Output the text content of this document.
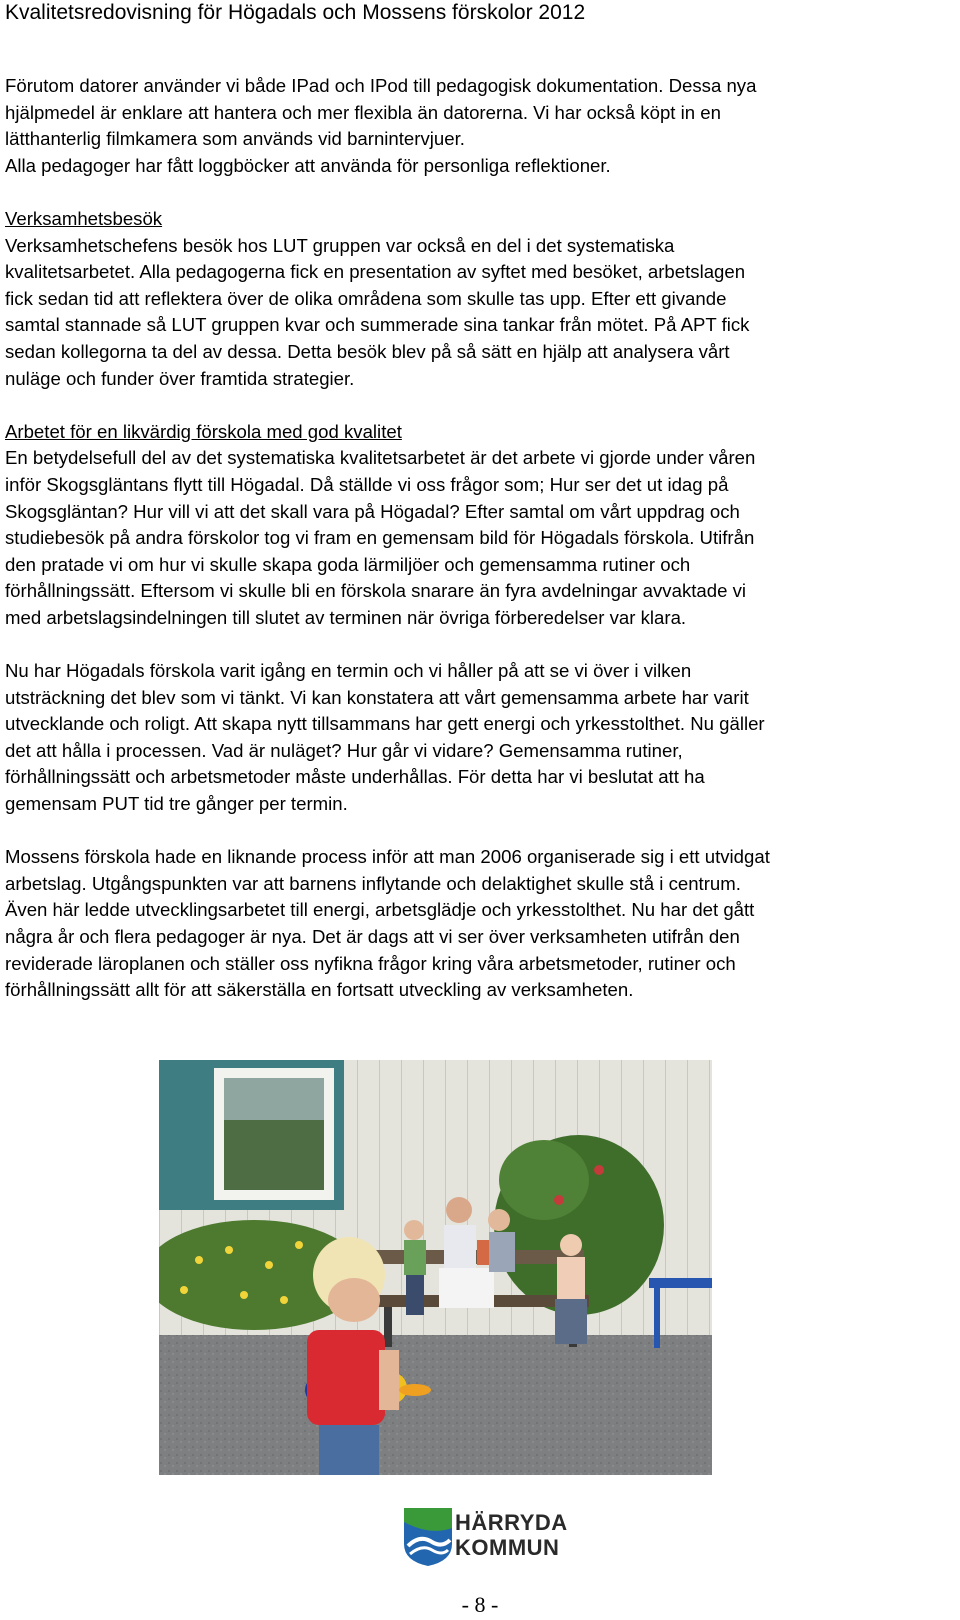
Kvalitetsredovisning för Högadals och Mossens förskolor 2012
Förutom datorer använder vi både IPad och IPod till pedagogisk dokumentation. Dessa nya
hjälpmedel är enklare att hantera och mer flexibla än datorerna. Vi har också köpt in en
lätthanterlig filmkamera som används vid barnintervjuer.
Alla pedagoger har fått loggböcker att använda för personliga reflektioner.
Verksamhetsbesök
Verksamhetschefens besök hos LUT gruppen var också en del i det systematiska
kvalitetsarbetet. Alla pedagogerna fick en presentation av syftet med besöket, arbetslagen
fick sedan tid att reflektera över de olika områdena som skulle tas upp. Efter ett givande
samtal stannade så LUT gruppen kvar och summerade sina tankar från mötet. På APT fick
sedan kollegorna ta del av dessa. Detta besök blev på så sätt en hjälp att analysera vårt
nuläge och funder över framtida strategier.
Arbetet för en likvärdig förskola med god kvalitet
En betydelsefull del av det systematiska kvalitetsarbetet är det arbete vi gjorde under våren
inför Skogsgläntans flytt till Högadal. Då ställde vi oss frågor som; Hur ser det ut idag på
Skogsgläntan? Hur vill vi att det skall vara på Högadal? Efter samtal om vårt uppdrag och
studiebesök på andra förskolor tog vi fram en gemensam bild för Högadals förskola. Utifrån
den pratade vi om hur vi skulle skapa goda lärmiljöer och gemensamma rutiner och
förhållningssätt. Eftersom vi skulle bli en förskola snarare än fyra avdelningar avvaktade vi
med arbetslagsindelningen till slutet av terminen när övriga förberedelser var klara.
Nu har Högadals förskola varit igång en termin och vi håller på att se vi över i vilken
utsträckning det blev som vi tänkt. Vi kan konstatera att vårt gemensamma arbete har varit
utvecklande och roligt. Att skapa nytt tillsammans har gett energi och yrkesstolthet. Nu gäller
det att hålla i processen. Vad är nuläget? Hur går vi vidare? Gemensamma rutiner,
förhållningssätt och arbetsmetoder måste underhållas. För detta har vi beslutat att ha
gemensam PUT tid tre gånger per termin.
Mossens förskola hade en liknande process inför att man 2006 organiserade sig i ett utvidgat
arbetslag. Utgångspunkten var att barnens inflytande och delaktighet skulle stå i centrum.
Även här ledde utvecklingsarbetet till energi, arbetsglädje och yrkesstolthet. Nu har det gått
några år och flera pedagoger är nya. Det är dags att vi ser över verksamheten utifrån den
reviderade läroplanen och ställer oss nyfikna frågor kring våra arbetsmetoder, rutiner och
förhållningssätt allt för att säkerställa en fortsatt utveckling av verksamheten.
HÄRRYDA
KOMMUN
- 8 -
